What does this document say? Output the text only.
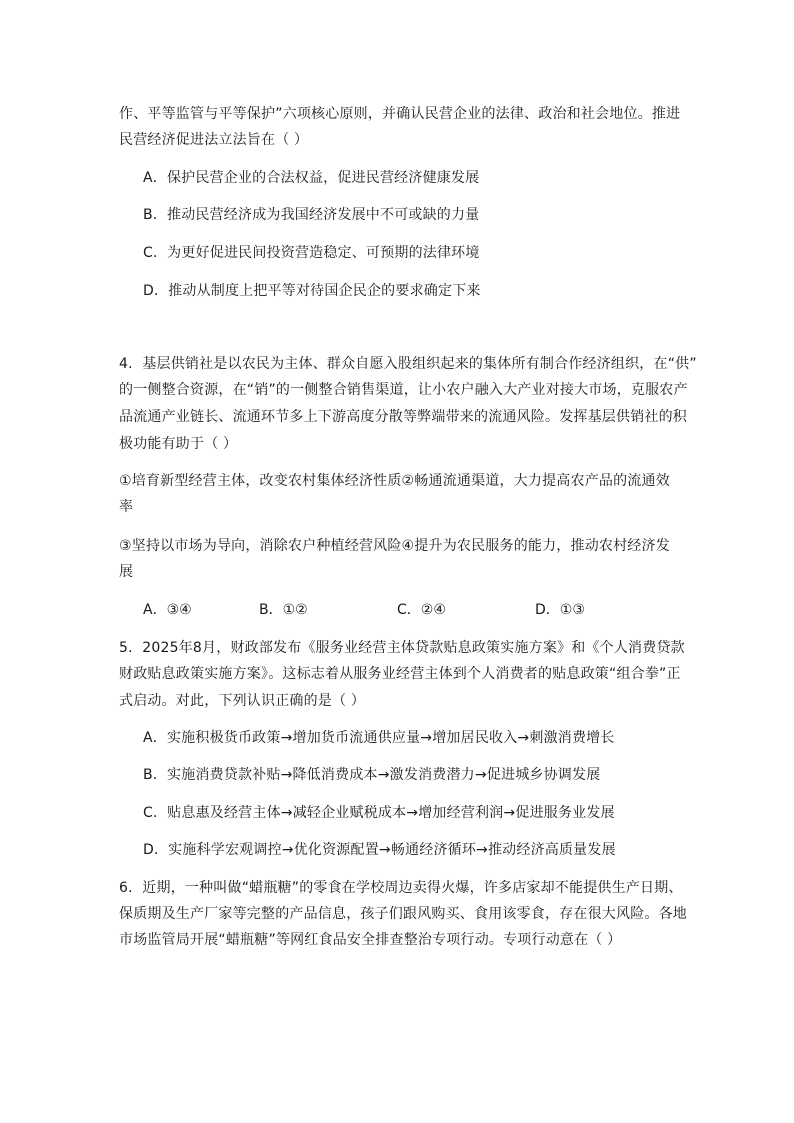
作、平等监管与平等保护”六项核心原则，并确认民营企业的法律、政治和社会地位。推进
民营经济促进法立法旨在（ ）
A．保护民营企业的合法权益，促进民营经济健康发展
B．推动民营经济成为我国经济发展中不可或缺的力量
C．为更好促进民间投资营造稳定、可预期的法律环境
D．推动从制度上把平等对待国企民企的要求确定下来
4．基层供销社是以农民为主体、群众自愿入股组织起来的集体所有制合作经济组织，在“供”
的一侧整合资源，在“销”的一侧整合销售渠道，让小农户融入大产业对接大市场，克服农产
品流通产业链长、流通环节多上下游高度分散等弊端带来的流通风险。发挥基层供销社的积
极功能有助于（ ）
①培育新型经营主体，改变农村集体经济性质②畅通流通渠道，大力提高农产品的流通效
率
③坚持以市场为导向，消除农户种植经营风险④提升为农民服务的能力，推动农村经济发
展
A．③④	B．①②	C．②④	D．①③
5．2025年8月，财政部发布《服务业经营主体贷款贴息政策实施方案》和《个人消费贷款
财政贴息政策实施方案》。这标志着从服务业经营主体到个人消费者的贴息政策“组合拳”正
式启动。对此，下列认识正确的是（ ）
A．实施积极货币政策→增加货币流通供应量→增加居民收入→刺激消费增长
B．实施消费贷款补贴→降低消费成本→激发消费潜力→促进城乡协调发展
C．贴息惠及经营主体→减轻企业赋税成本→增加经营利润→促进服务业发展
D．实施科学宏观调控→优化资源配置→畅通经济循环→推动经济高质量发展
6．近期，一种叫做“蜡瓶糖”的零食在学校周边卖得火爆，许多店家却不能提供生产日期、
保质期及生产厂家等完整的产品信息，孩子们跟风购买、食用该零食，存在很大风险。各地
市场监管局开展“蜡瓶糖”等网红食品安全排查整治专项行动。专项行动意在（ ）
